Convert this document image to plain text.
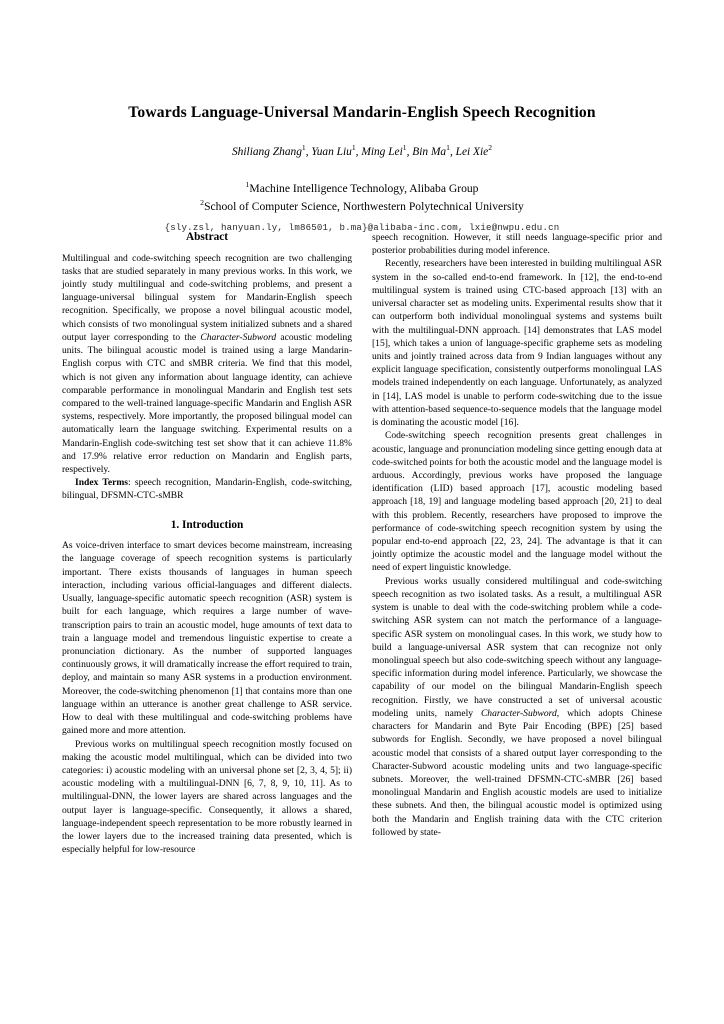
Towards Language-Universal Mandarin-English Speech Recognition
Shiliang Zhang$^1$, Yuan Liu$^1$, Ming Lei$^1$, Bin Ma$^1$, Lei Xie$^2$
$^1$Machine Intelligence Technology, Alibaba Group
$^2$School of Computer Science, Northwestern Polytechnical University
{sly.zsl, hanyuan.ly, lm86501, b.ma}@alibaba-inc.com, lxie@nwpu.edu.cn
Abstract

Multilingual and code-switching speech recognition are two challenging tasks that are studied separately in many previous works. In this work, we jointly study multilingual and code-switching problems, and present a language-universal bilingual system for Mandarin-English speech recognition. Specifically, we propose a novel bilingual acoustic model, which consists of two monolingual system initialized subnets and a shared output layer corresponding to the Character-Subword acoustic modeling units. The bilingual acoustic model is trained using a large Mandarin-English corpus with CTC and sMBR criteria. We find that this model, which is not given any information about language identity, can achieve comparable performance in monolingual Mandarin and English test sets compared to the well-trained language-specific Mandarin and English ASR systems, respectively. More importantly, the proposed bilingual model can automatically learn the language switching. Experimental results on a Mandarin-English code-switching test set show that it can achieve 11.8% and 17.9% relative error reduction on Mandarin and English parts, respectively.

Index Terms: speech recognition, Mandarin-English, code-switching, bilingual, DFSMN-CTC-sMBR

1. Introduction

As voice-driven interface to smart devices become mainstream, increasing the language coverage of speech recognition systems is particularly important. There exists thousands of languages in human speech interaction, including various official-languages and different dialects. Usually, language-specific automatic speech recognition (ASR) system is built for each language, which requires a large number of wave-transcription pairs to train an acoustic model, huge amounts of text data to train a language model and tremendous linguistic expertise to create a pronunciation dictionary. As the number of supported languages continuously grows, it will dramatically increase the effort required to train, deploy, and maintain so many ASR systems in a production environment. Moreover, the code-switching phenomenon [1] that contains more than one language within an utterance is another great challenge to ASR service. How to deal with these multilingual and code-switching problems have gained more and more attention.

Previous works on multilingual speech recognition mostly focused on making the acoustic model multilingual, which can be divided into two categories: i) acoustic modeling with an universal phone set [2, 3, 4, 5]; ii) acoustic modeling with a multilingual-DNN [6, 7, 8, 9, 10, 11]. As to multilingual-DNN, the lower layers are shared across languages and the output layer is language-specific. Consequently, it allows a shared, language-independent speech representation to be more robustly learned in the lower layers due to the increased training data presented, which is especially helpful for low-resource

speech recognition. However, it still needs language-specific prior and posterior probabilities during model inference.

Recently, researchers have been interested in building multilingual ASR system in the so-called end-to-end framework. In [12], the end-to-end multilingual system is trained using CTC-based approach [13] with an universal character set as modeling units. Experimental results show that it can outperform both individual monolingual systems and systems built with the multilingual-DNN approach. [14] demonstrates that LAS model [15], which takes a union of language-specific grapheme sets as modeling units and jointly trained across data from 9 Indian languages without any explicit language specification, consistently outperforms monolingual LAS models trained independently on each language. Unfortunately, as analyzed in [14], LAS model is unable to perform code-switching due to the issue with attention-based sequence-to-sequence models that the language model is dominating the acoustic model [16].

Code-switching speech recognition presents great challenges in acoustic, language and pronunciation modeling since getting enough data at code-switched points for both the acoustic model and the language model is arduous. Accordingly, previous works have proposed the language identification (LID) based approach [17], acoustic modeling based approach [18, 19] and language modeling based approach [20, 21] to deal with this problem. Recently, researchers have proposed to improve the performance of code-switching speech recognition system by using the popular end-to-end approach [22, 23, 24]. The advantage is that it can jointly optimize the acoustic model and the language model without the need of expert linguistic knowledge.

Previous works usually considered multilingual and code-switching speech recognition as two isolated tasks. As a result, a multilingual ASR system is unable to deal with the code-switching problem while a code-switching ASR system can not match the performance of a language-specific ASR system on monolingual cases. In this work, we study how to build a language-universal ASR system that can recognize not only monolingual speech but also code-switching speech without any language-specific information during model inference. Particularly, we showcase the capability of our model on the bilingual Mandarin-English speech recognition. Firstly, we have constructed a set of universal acoustic modeling units, namely Character-Subword, which adopts Chinese characters for Mandarin and Byte Pair Encoding (BPE) [25] based subwords for English. Secondly, we have proposed a novel bilingual acoustic model that consists of a shared output layer corresponding to the Character-Subword acoustic modeling units and two language-specific subnets. Moreover, the well-trained DFSMN-CTC-sMBR [26] based monolingual Mandarin and English acoustic models are used to initialize these subnets. And then, the bilingual acoustic model is optimized using both the Mandarin and English training data with the CTC criterion followed by state-
